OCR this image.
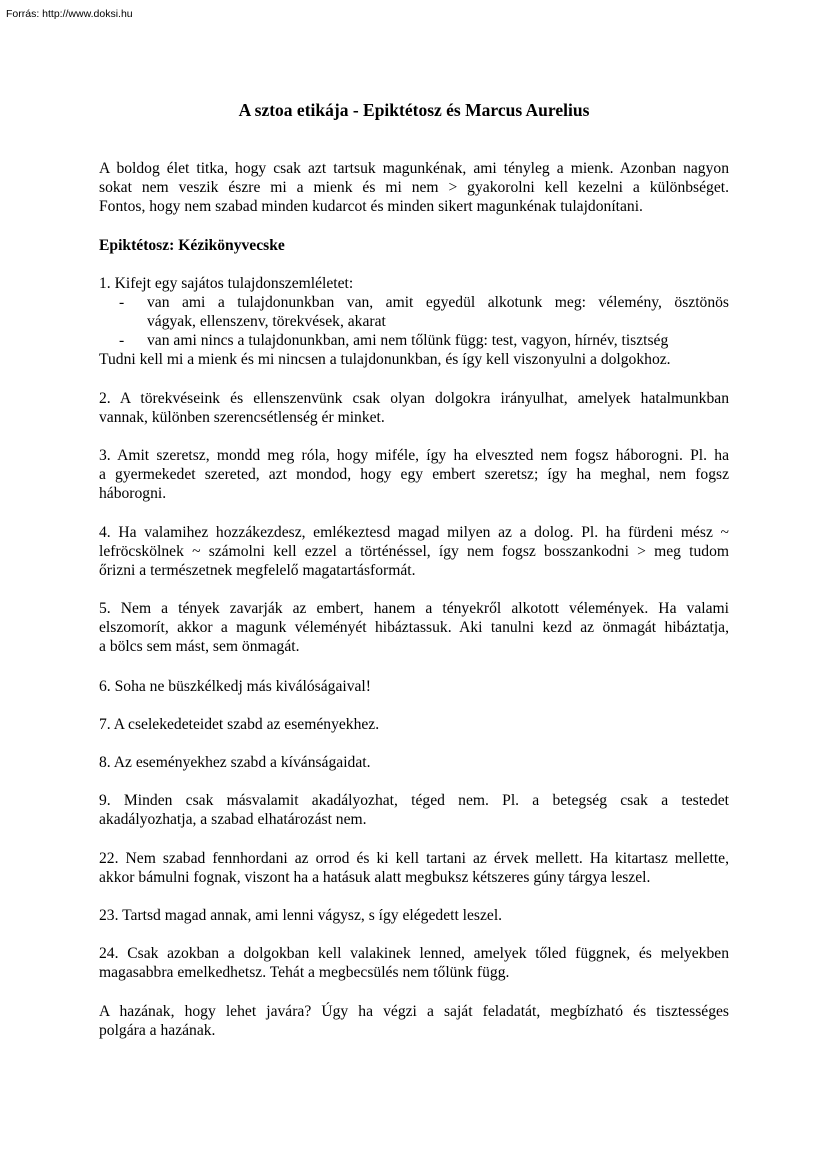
Forrás: http://www.doksi.hu
A sztoa etikája - Epiktétosz és Marcus Aurelius
A boldog élet titka, hogy csak azt tartsuk magunkénak, ami tényleg a mienk. Azonban nagyon
sokat nem veszik észre mi a mienk és mi nem > gyakorolni kell kezelni a különbséget.
Fontos, hogy nem szabad minden kudarcot és minden sikert magunkénak tulajdonítani.
Epiktétosz: Kézikönyvecske
1. Kifejt egy sajátos tulajdonszemléletet:
- van ami a tulajdonunkban van, amit egyedül alkotunk meg: vélemény, ösztönös
vágyak, ellenszenv, törekvések, akarat
- van ami nincs a tulajdonunkban, ami nem tőlünk függ: test, vagyon, hírnév, tisztség
Tudni kell mi a mienk és mi nincsen a tulajdonunkban, és így kell viszonyulni a dolgokhoz.
2. A törekvéseink és ellenszenvünk csak olyan dolgokra irányulhat, amelyek hatalmunkban
vannak, különben szerencsétlenség ér minket.
3. Amit szeretsz, mondd meg róla, hogy miféle, így ha elveszted nem fogsz háborogni. Pl. ha
a gyermekedet szereted, azt mondod, hogy egy embert szeretsz; így ha meghal, nem fogsz
háborogni.
4. Ha valamihez hozzákezdesz, emlékeztesd magad milyen az a dolog. Pl. ha fürdeni mész ~
lefröcskölnek ~ számolni kell ezzel a történéssel, így nem fogsz bosszankodni > meg tudom
őrizni a természetnek megfelelő magatartásformát.
5. Nem a tények zavarják az embert, hanem a tényekről alkotott vélemények. Ha valami
elszomorít, akkor a magunk véleményét hibáztassuk. Aki tanulni kezd az önmagát hibáztatja,
a bölcs sem mást, sem önmagát.
6. Soha ne büszkélkedj más kiválóságaival!
7. A cselekedeteidet szabd az eseményekhez.
8. Az eseményekhez szabd a kívánságaidat.
9. Minden csak másvalamit akadályozhat, téged nem. Pl. a betegség csak a testedet
akadályozhatja, a szabad elhatározást nem.
22. Nem szabad fennhordani az orrod és ki kell tartani az érvek mellett. Ha kitartasz mellette,
akkor bámulni fognak, viszont ha a hatásuk alatt megbuksz kétszeres gúny tárgya leszel.
23. Tartsd magad annak, ami lenni vágysz, s így elégedett leszel.
24. Csak azokban a dolgokban kell valakinek lenned, amelyek tőled függnek, és melyekben
magasabbra emelkedhetsz. Tehát a megbecsülés nem tőlünk függ.
A hazának, hogy lehet javára? Úgy ha végzi a saját feladatát, megbízható és tisztességes
polgára a hazának.
